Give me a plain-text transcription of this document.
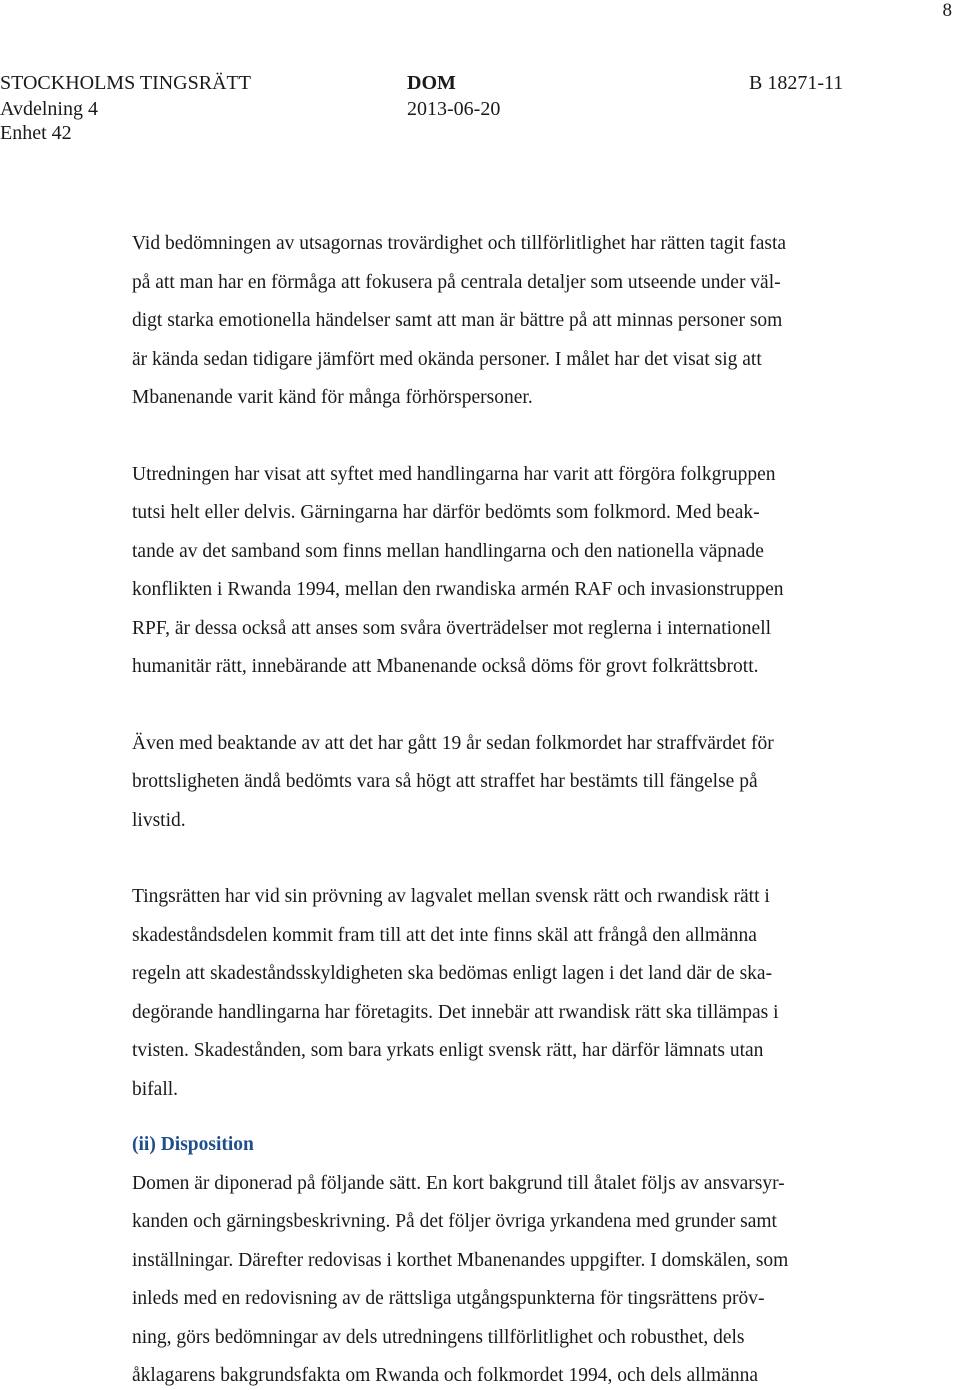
8
STOCKHOLMS TINGSRÄTT
Avdelning 4
Enhet 42
DOM
2013-06-20
B 18271-11

Vid bedömningen av utsagornas trovärdighet och tillförlitlighet har rätten tagit fasta

på att man har en förmåga att fokusera på centrala detaljer som utseende under väl-

digt starka emotionella händelser samt att man är bättre på att minnas personer som

är kända sedan tidigare jämfört med okända personer. I målet har det visat sig att

Mbanenande varit känd för många förhörspersoner.

Utredningen har visat att syftet med handlingarna har varit att förgöra folkgruppen

tutsi helt eller delvis. Gärningarna har därför bedömts som folkmord. Med beak-

tande av det samband som finns mellan handlingarna och den nationella väpnade

konflikten i Rwanda 1994, mellan den rwandiska armén RAF och invasionstruppen

RPF, är dessa också att anses som svåra överträdelser mot reglerna i internationell

humanitär rätt, innebärande att Mbanenande också döms för grovt folkrättsbrott.

Även med beaktande av att det har gått 19 år sedan folkmordet har straffvärdet för

brottsligheten ändå bedömts vara så högt att straffet har bestämts till fängelse på

livstid.

Tingsrätten har vid sin prövning av lagvalet mellan svensk rätt och rwandisk rätt i

skadeståndsdelen kommit fram till att det inte finns skäl att frångå den allmänna

regeln att skadeståndsskyldigheten ska bedömas enligt lagen i det land där de ska-

degörande handlingarna har företagits. Det innebär att rwandisk rätt ska tillämpas i

tvisten. Skadestånden, som bara yrkats enligt svensk rätt, har därför lämnats utan

bifall.

(ii) Disposition

Domen är diponerad på följande sätt. En kort bakgrund till åtalet följs av ansvarsyr-

kanden och gärningsbeskrivning. På det följer övriga yrkandena med grunder samt

inställningar. Därefter redovisas i korthet Mbanenandes uppgifter. I domskälen, som

inleds med en redovisning av de rättsliga utgångspunkterna för tingsrättens pröv-

ning, görs bedömningar av dels utredningens tillförlitlighet och robusthet, dels

åklagarens bakgrundsfakta om Rwanda och folkmordet 1994, och dels allmänna
